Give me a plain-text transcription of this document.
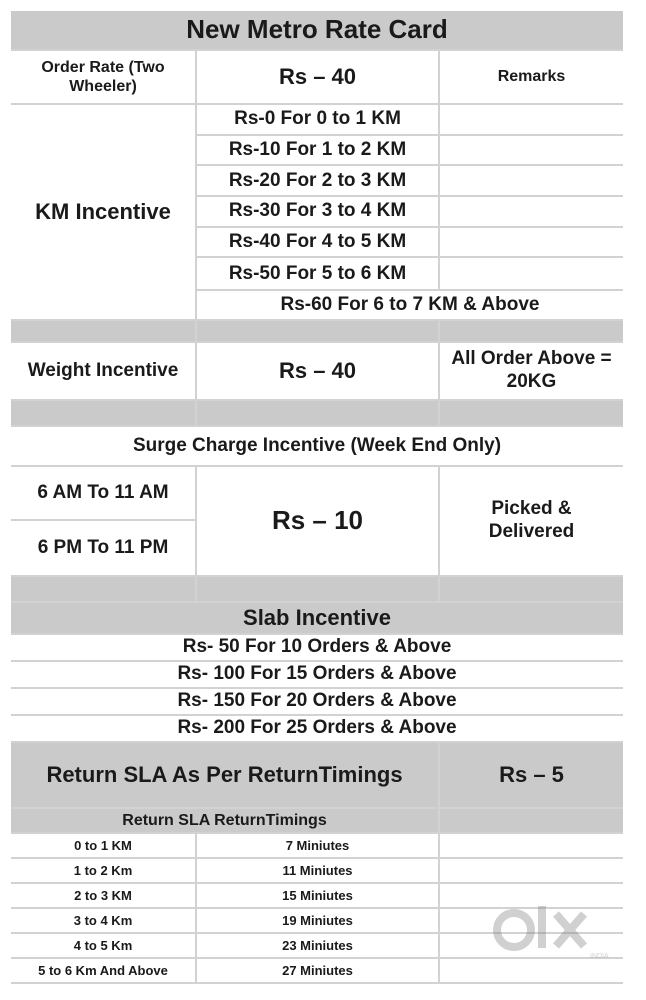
New Metro Rate Card
Order Rate (Two Wheeler)	Rs – 40	Remarks
KM Incentive
Rs-0 For 0 to 1 KM
Rs-10 For 1 to 2 KM
Rs-20 For 2 to 3 KM
Rs-30 For 3 to 4 KM
Rs-40 For 4 to 5 KM
Rs-50 For 5 to 6 KM
Rs-60 For 6 to 7 KM & Above
Weight Incentive	Rs – 40	All Order Above = 20KG
Surge Charge Incentive (Week End Only)
6 AM To 11 AM
6 PM To 11 PM
Rs – 10	Picked & Delivered
Slab Incentive
Rs- 50 For 10 Orders & Above
Rs- 100 For 15 Orders & Above
Rs- 150 For 20 Orders & Above
Rs- 200 For 25 Orders & Above
Return SLA As Per ReturnTimings	Rs – 5
Return SLA ReturnTimings
0 to 1 KM	7 Miniutes
1 to 2 Km	11 Miniutes
2 to 3 KM	15 Miniutes
3 to 4 Km	19 Miniutes
4 to 5 Km	23 Miniutes
5 to 6 Km And Above	27 Miniutes
INDIA
